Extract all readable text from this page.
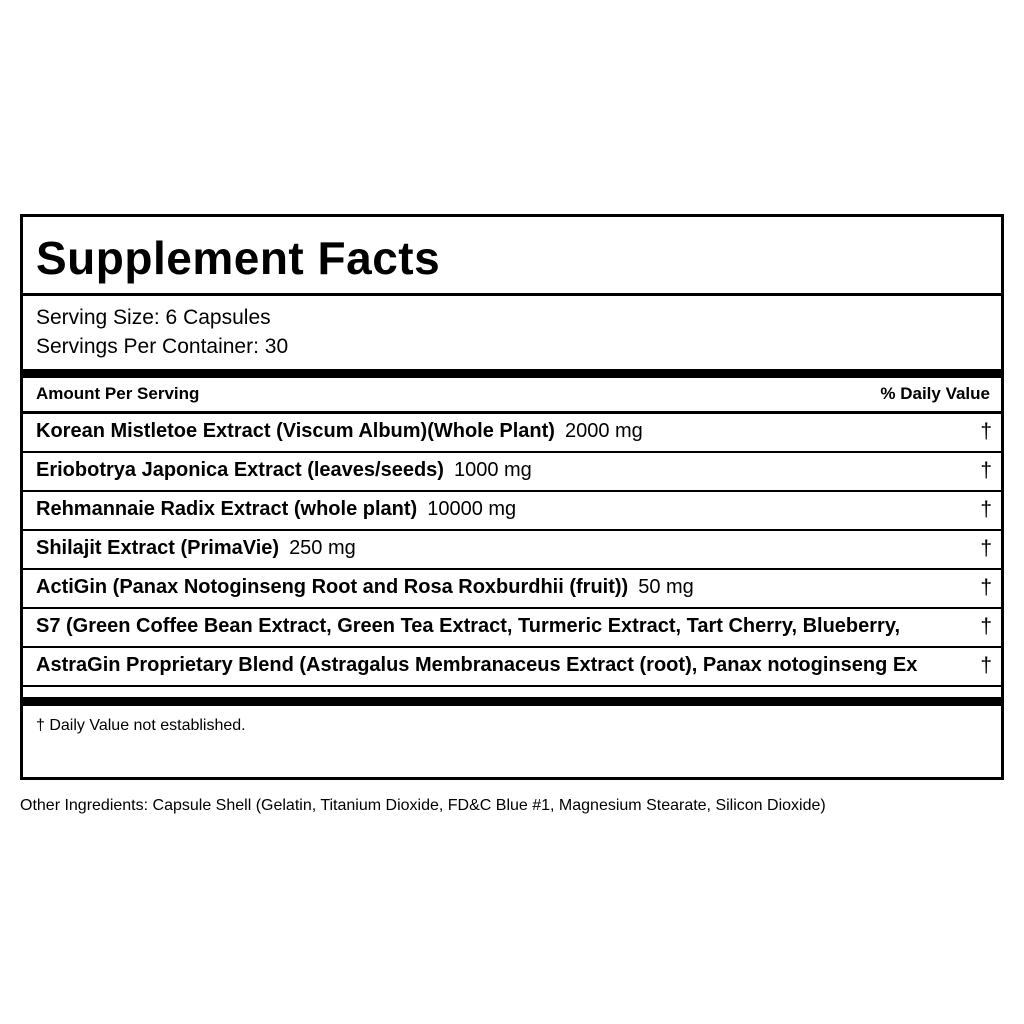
Supplement Facts
Serving Size: 6 Capsules
Servings Per Container: 30
Amount Per Serving	% Daily Value
Korean Mistletoe Extract (Viscum Album)(Whole Plant) 2000 mg	†
Eriobotrya Japonica Extract (leaves/seeds) 1000 mg	†
Rehmannaie Radix Extract (whole plant) 10000 mg	†
Shilajit Extract (PrimaVie) 250 mg	†
ActiGin (Panax Notoginseng Root and Rosa Roxburdhii (fruit)) 50 mg	†
S7 (Green Coffee Bean Extract, Green Tea Extract, Turmeric Extract, Tart Cherry, Blueberry,	†
AstraGin Proprietary Blend (Astragalus Membranaceus Extract (root), Panax notoginseng Ex	†
† Daily Value not established.
Other Ingredients: Capsule Shell (Gelatin, Titanium Dioxide, FD&C Blue #1, Magnesium Stearate, Silicon Dioxide)
